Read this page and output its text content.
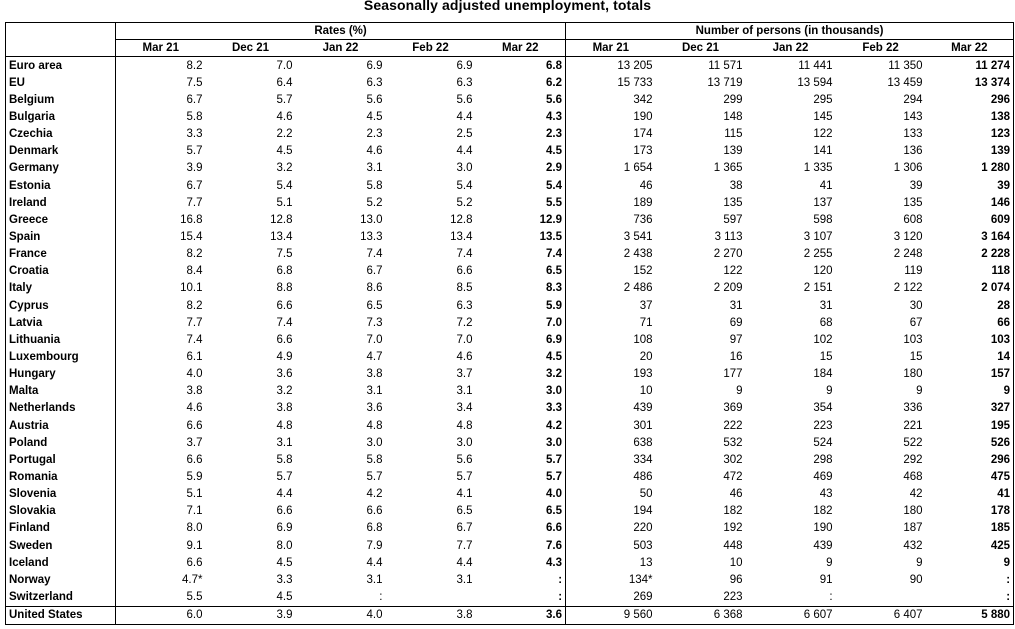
Seasonally adjusted unemployment, totals
	Rates (%)					Number of persons (in thousands)				
	Mar 21	Dec 21	Jan 22	Feb 22	Mar 22	Mar 21	Dec 21	Jan 22	Feb 22	Mar 22
Euro area	8.2	7.0	6.9	6.9	6.8	13 205	11 571	11 441	11 350	11 274
EU	7.5	6.4	6.3	6.3	6.2	15 733	13 719	13 594	13 459	13 374
Belgium	6.7	5.7	5.6	5.6	5.6	342	299	295	294	296
Bulgaria	5.8	4.6	4.5	4.4	4.3	190	148	145	143	138
Czechia	3.3	2.2	2.3	2.5	2.3	174	115	122	133	123
Denmark	5.7	4.5	4.6	4.4	4.5	173	139	141	136	139
Germany	3.9	3.2	3.1	3.0	2.9	1 654	1 365	1 335	1 306	1 280
Estonia	6.7	5.4	5.8	5.4	5.4	46	38	41	39	39
Ireland	7.7	5.1	5.2	5.2	5.5	189	135	137	135	146
Greece	16.8	12.8	13.0	12.8	12.9	736	597	598	608	609
Spain	15.4	13.4	13.3	13.4	13.5	3 541	3 113	3 107	3 120	3 164
France	8.2	7.5	7.4	7.4	7.4	2 438	2 270	2 255	2 248	2 228
Croatia	8.4	6.8	6.7	6.6	6.5	152	122	120	119	118
Italy	10.1	8.8	8.6	8.5	8.3	2 486	2 209	2 151	2 122	2 074
Cyprus	8.2	6.6	6.5	6.3	5.9	37	31	31	30	28
Latvia	7.7	7.4	7.3	7.2	7.0	71	69	68	67	66
Lithuania	7.4	6.6	7.0	7.0	6.9	108	97	102	103	103
Luxembourg	6.1	4.9	4.7	4.6	4.5	20	16	15	15	14
Hungary	4.0	3.6	3.8	3.7	3.2	193	177	184	180	157
Malta	3.8	3.2	3.1	3.1	3.0	10	9	9	9	9
Netherlands	4.6	3.8	3.6	3.4	3.3	439	369	354	336	327
Austria	6.6	4.8	4.8	4.8	4.2	301	222	223	221	195
Poland	3.7	3.1	3.0	3.0	3.0	638	532	524	522	526
Portugal	6.6	5.8	5.8	5.6	5.7	334	302	298	292	296
Romania	5.9	5.7	5.7	5.7	5.7	486	472	469	468	475
Slovenia	5.1	4.4	4.2	4.1	4.0	50	46	43	42	41
Slovakia	7.1	6.6	6.6	6.5	6.5	194	182	182	180	178
Finland	8.0	6.9	6.8	6.7	6.6	220	192	190	187	185
Sweden	9.1	8.0	7.9	7.7	7.6	503	448	439	432	425
Iceland	6.6	4.5	4.4	4.4	4.3	13	10	9	9	9
Norway	4.7*	3.3	3.1	3.1	:	134*	96	91	90	:
Switzerland	5.5	4.5	:		:	269	223	:		:
United States	6.0	3.9	4.0	3.8	3.6	9 560	6 368	6 607	6 407	5 880
